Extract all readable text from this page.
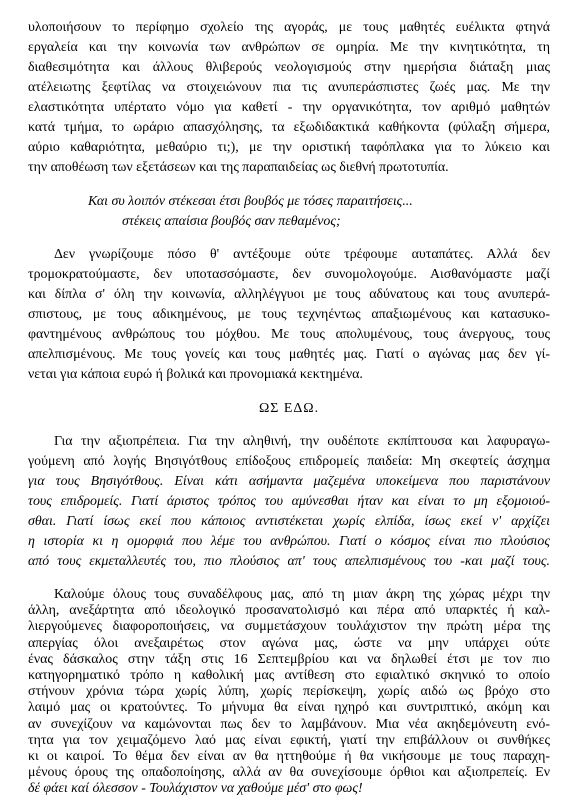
υλοποιήσουν το περίφημο σχολείο της αγοράς, με τους μαθητές ευέλικτα φτηνά
εργαλεία και την κοινωνία των ανθρώπων σε ομηρία. Με την κινητικότητα, τη
διαθεσιμότητα και άλλους θλιβερούς νεολογισμούς στην ημερήσια διάταξη μιας
ατέλειωτης ξεφτίλας να στοιχειώνουν πια τις ανυπεράσπιστες ζωές μας. Με την
ελαστικότητα υπέρτατο νόμο για καθετί - την οργανικότητα, τον αριθμό μαθητών
κατά τμήμα, το ωράριο απασχόλησης, τα εξωδιδακτικά καθήκοντα (φύλαξη σήμερα,
αύριο καθαριότητα, μεθαύριο τι;), με την οριστική ταφόπλακα για το λύκειο και
την αποθέωση των εξετάσεων και της παραπαιδείας ως διεθνή πρωτοτυπία.
Και συ λοιπόν στέκεσαι έτσι βουβός με τόσες παραιτήσεις...
στέκεις απαίσια βουβός σαν πεθαμένος;
Δεν γνωρίζουμε πόσο θ' αντέξουμε ούτε τρέφουμε αυταπάτες. Αλλά δεν
τρομοκρατούμαστε, δεν υποτασσόμαστε, δεν συνομολογούμε. Αισθανόμαστε μαζί
και δίπλα σ' όλη την κοινωνία, αλληλέγγυοι με τους αδύνατους και τους ανυπερά-
σπιστους, με τους αδικημένους, με τους τεχνηέντως απαξιωμένους και κατασυκο-
φαντημένους ανθρώπους του μόχθου. Με τους απολυμένους, τους άνεργους, τους
απελπισμένους. Με τους γονείς και τους μαθητές μας. Γιατί ο αγώνας μας δεν γί-
νεται για κάποια ευρώ ή βολικά και προνομιακά κεκτημένα.
ΩΣ ΕΔΩ.
Για την αξιοπρέπεια. Για την αληθινή, την ουδέποτε εκπίπτουσα και λαφυραγω-
γούμενη από λογής Βησιγότθους επίδοξους επιδρομείς παιδεία: Μη σκεφτείς άσχημα
για τους Βησιγότθους. Είναι κάτι ασήμαντα μαζεμένα υποκείμενα που παριστάνουν
τους επιδρομείς. Γιατί άριστος τρόπος του αμύνεσθαι ήταν και είναι το μη εξομοιού-
σθαι. Γιατί ίσως εκεί που κάποιος αντιστέκεται χωρίς ελπίδα, ίσως εκεί ν' αρχίζει
η ιστορία κι η ομορφιά που λέμε του ανθρώπου. Γιατί ο κόσμος είναι πιο πλούσιος
από τους εκμεταλλευτές του, πιο πλούσιος απ' τους απελπισμένους του -και μαζί τους.
Καλούμε όλους τους συναδέλφους μας, από τη μιαν άκρη της χώρας μέχρι την
άλλη, ανεξάρτητα από ιδεολογικό προσανατολισμό και πέρα από υπαρκτές ή καλ-
λιεργούμενες διαφοροποιήσεις, να συμμετάσχουν τουλάχιστον την πρώτη μέρα της
απεργίας όλοι ανεξαιρέτως στον αγώνα μας, ώστε να μην υπάρχει ούτε
ένας δάσκαλος στην τάξη στις 16 Σεπτεμβρίου και να δηλωθεί έτσι με τον πιο
κατηγορηματικό τρόπο η καθολική μας αντίθεση στο εφιαλτικό σκηνικό το οποίο
στήνουν χρόνια τώρα χωρίς λύπη, χωρίς περίσκεψη, χωρίς αιδώ ως βρόχο στο
λαιμό μας οι κρατούντες. Το μήνυμα θα είναι ηχηρό και συντριπτικό, ακόμη και
αν συνεχίζουν να καμώνονται πως δεν το λαμβάνουν. Μια νέα ακηδεμόνευτη ενό-
τητα για τον χειμαζόμενο λαό μας είναι εφικτή, γιατί την επιβάλλουν οι συνθήκες
κι οι καιροί. Το θέμα δεν είναι αν θα ηττηθούμε ή θα νικήσουμε με τους παραχη-
μένους όρους της οπαδοποίησης, αλλά αν θα συνεχίσουμε όρθιοι και αξιοπρεπείς. Εν
δέ φάει καί όλεσσον - Τουλάχιστον να χαθούμε μέσ' στο φως!
